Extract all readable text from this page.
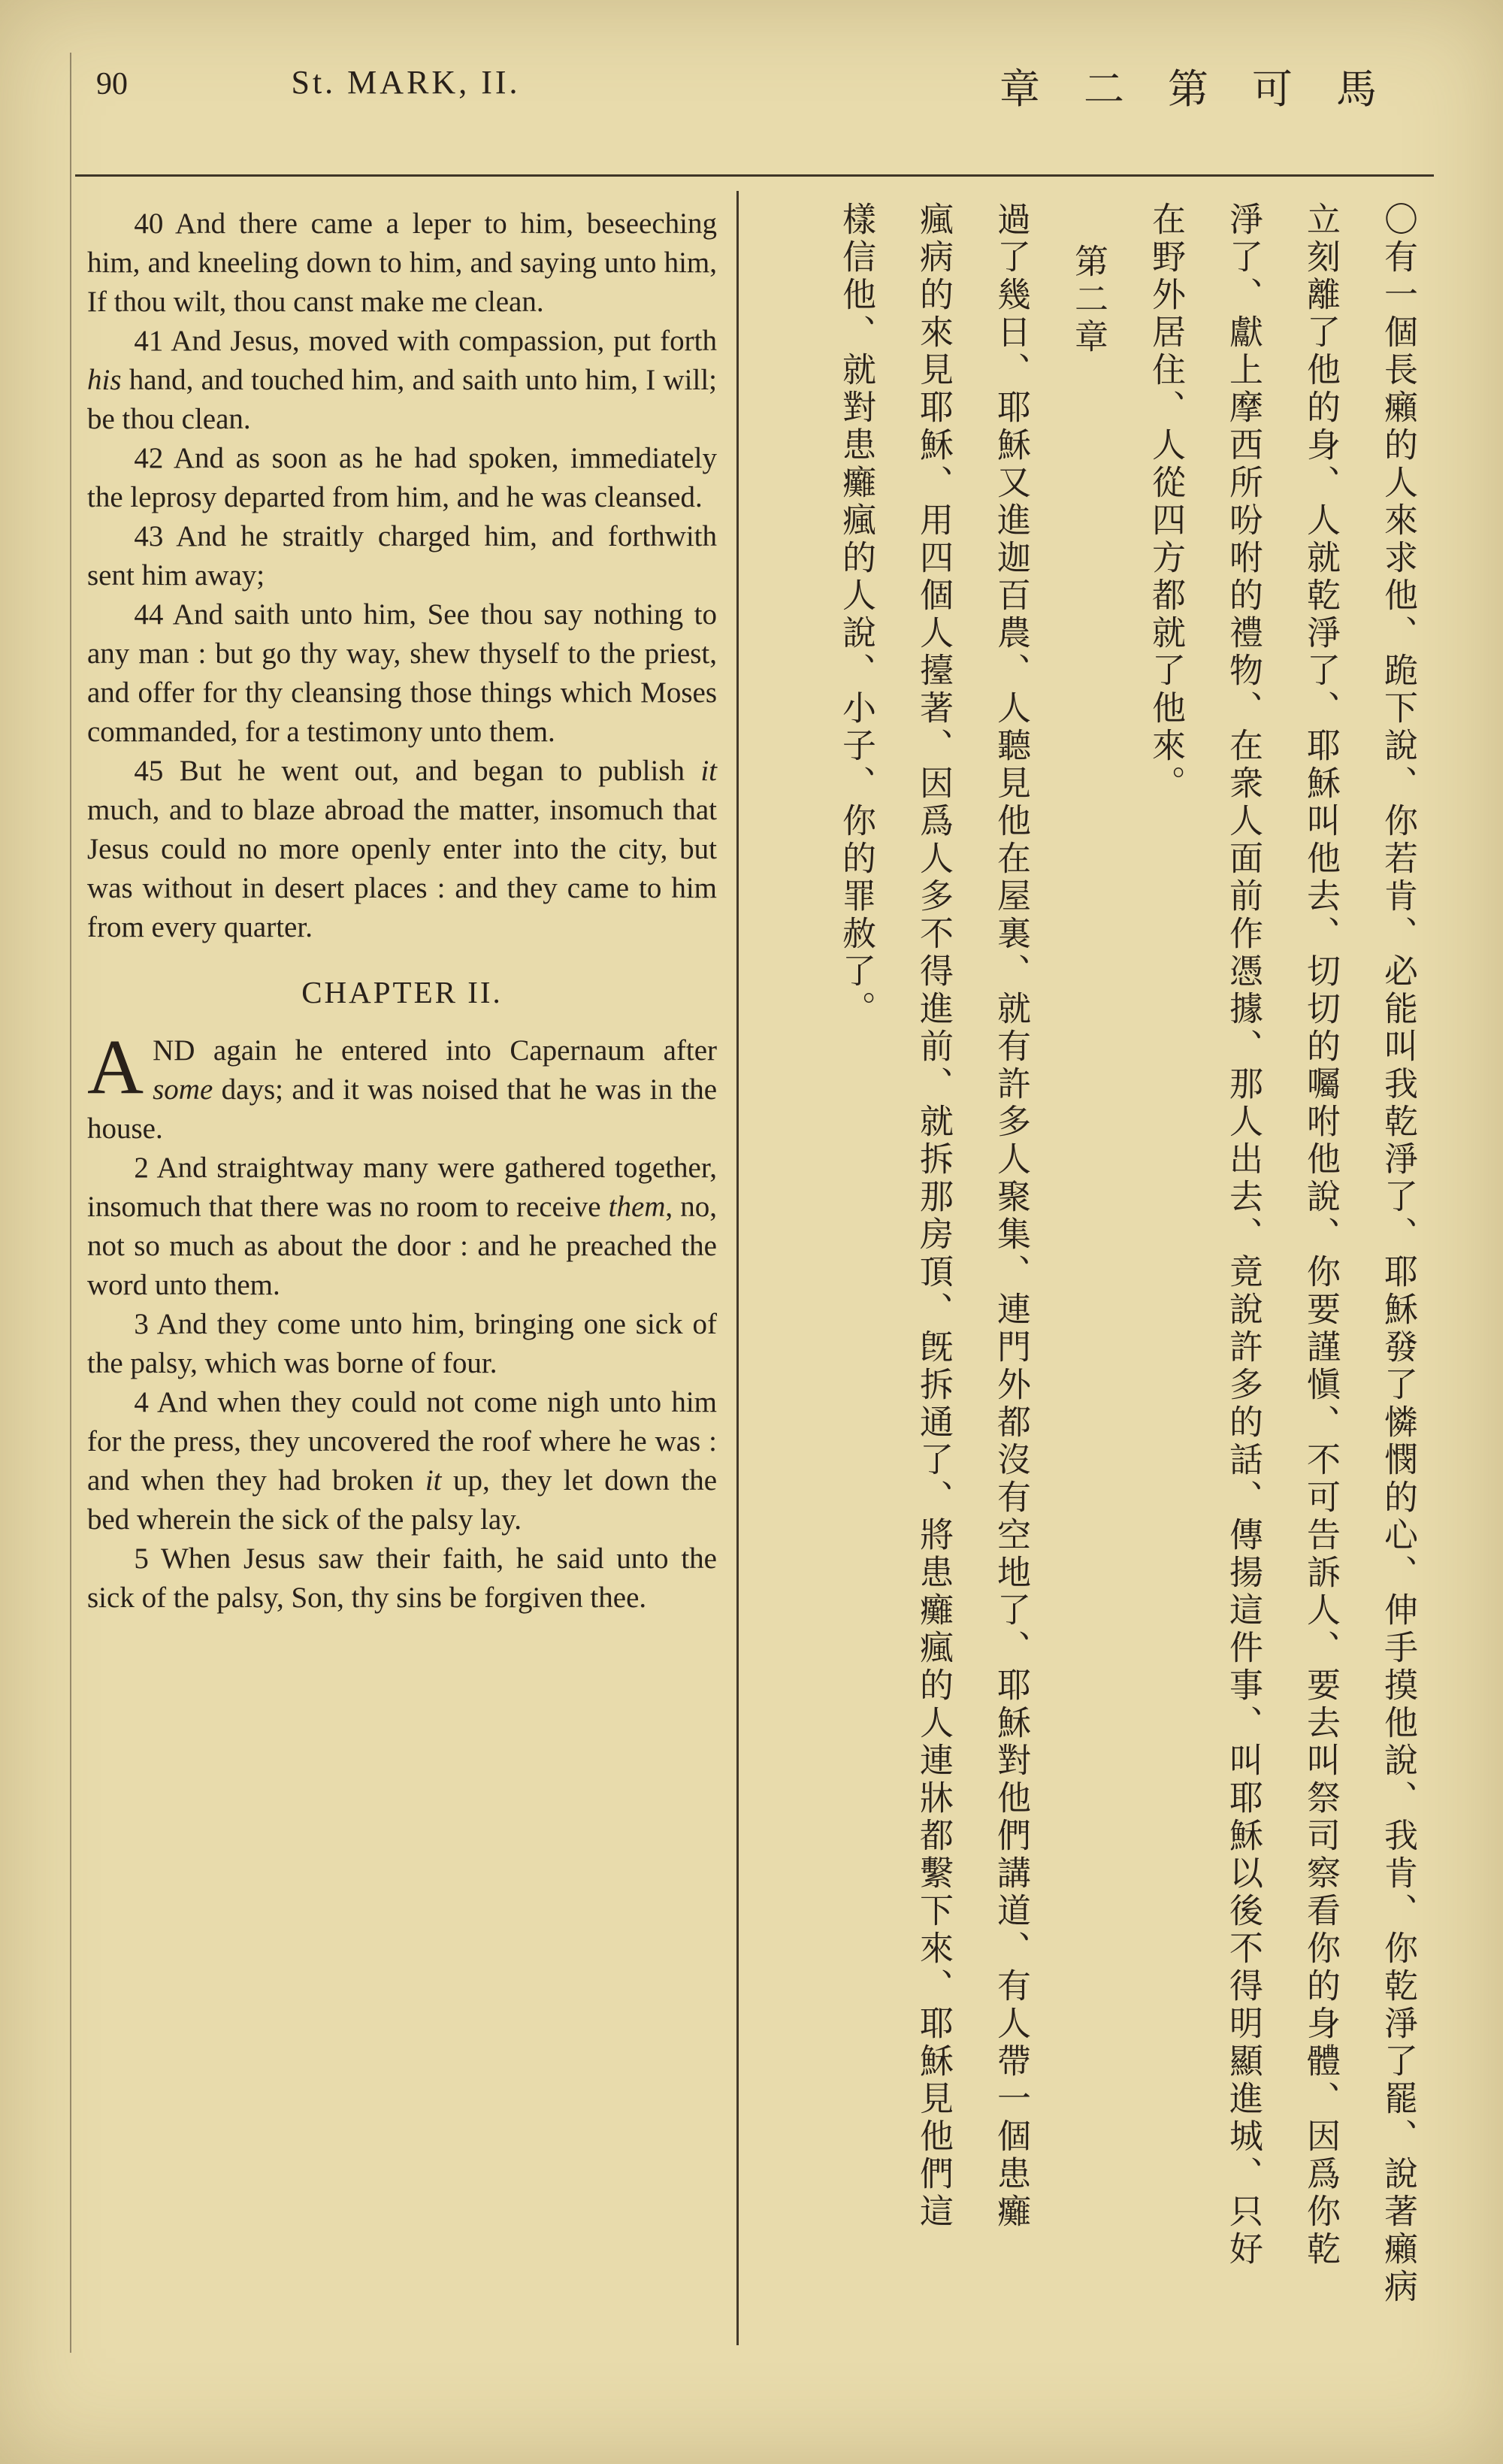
90	St. MARK, II.	章二第可馬

40 And there came a leper to him, beseeching him, and kneeling down to him, and saying unto him, If thou wilt, thou canst make me clean.

41 And Jesus, moved with compassion, put forth his hand, and touched him, and saith unto him, I will; be thou clean.

42 And as soon as he had spoken, immediately the leprosy departed from him, and he was cleansed.

43 And he straitly charged him, and forthwith sent him away;

44 And saith unto him, See thou say nothing to any man : but go thy way, shew thyself to the priest, and offer for thy cleansing those things which Moses commanded, for a testimony unto them.

45 But he went out, and began to publish it much, and to blaze abroad the matter, insomuch that Jesus could no more openly enter into the city, but was without in desert places : and they came to him from every quarter.

CHAPTER II.

AND again he entered into Capernaum after some days; and it was noised that he was in the house.

2 And straightway many were gathered together, insomuch that there was no room to receive them, no, not so much as about the door : and he preached the word unto them.

3 And they come unto him, bringing one sick of the palsy, which was borne of four.

4 And when they could not come nigh unto him for the press, they uncovered the roof where he was : and when they had broken it up, they let down the bed wherein the sick of the palsy lay.

5 When Jesus saw their faith, he said unto the sick of the palsy, Son, thy sins be forgiven thee.	〇有一個長癩的人來求他、跪下說、你若肯、必能叫我乾淨了、耶穌發了憐憫的心、伸手摸他說、我肯、你乾淨了罷、說著癩病
立刻離了他的身、人就乾淨了、耶穌叫他去、切切的囑咐他說、你要謹愼、不可告訴人、要去叫祭司察看你的身體、因爲你乾
淨了、獻上摩西所吩咐的禮物、在衆人面前作憑據、那人出去、竟說許多的話、傳揚這件事、叫耶穌以後不得明顯進城、只好
在野外居住、人從四方都就了他來。
第二章
過了幾日、耶穌又進迦百農、人聽見他在屋裏、就有許多人聚集、連門外都沒有空地了、耶穌對他們講道、有人帶一個患癱
瘋病的來見耶穌、用四個人擡著、因爲人多不得進前、就拆那房頂、旣拆通了、將患癱瘋的人連牀都繫下來、耶穌見他們這
樣信他、就對患癱瘋的人說、小子、你的罪赦了。
